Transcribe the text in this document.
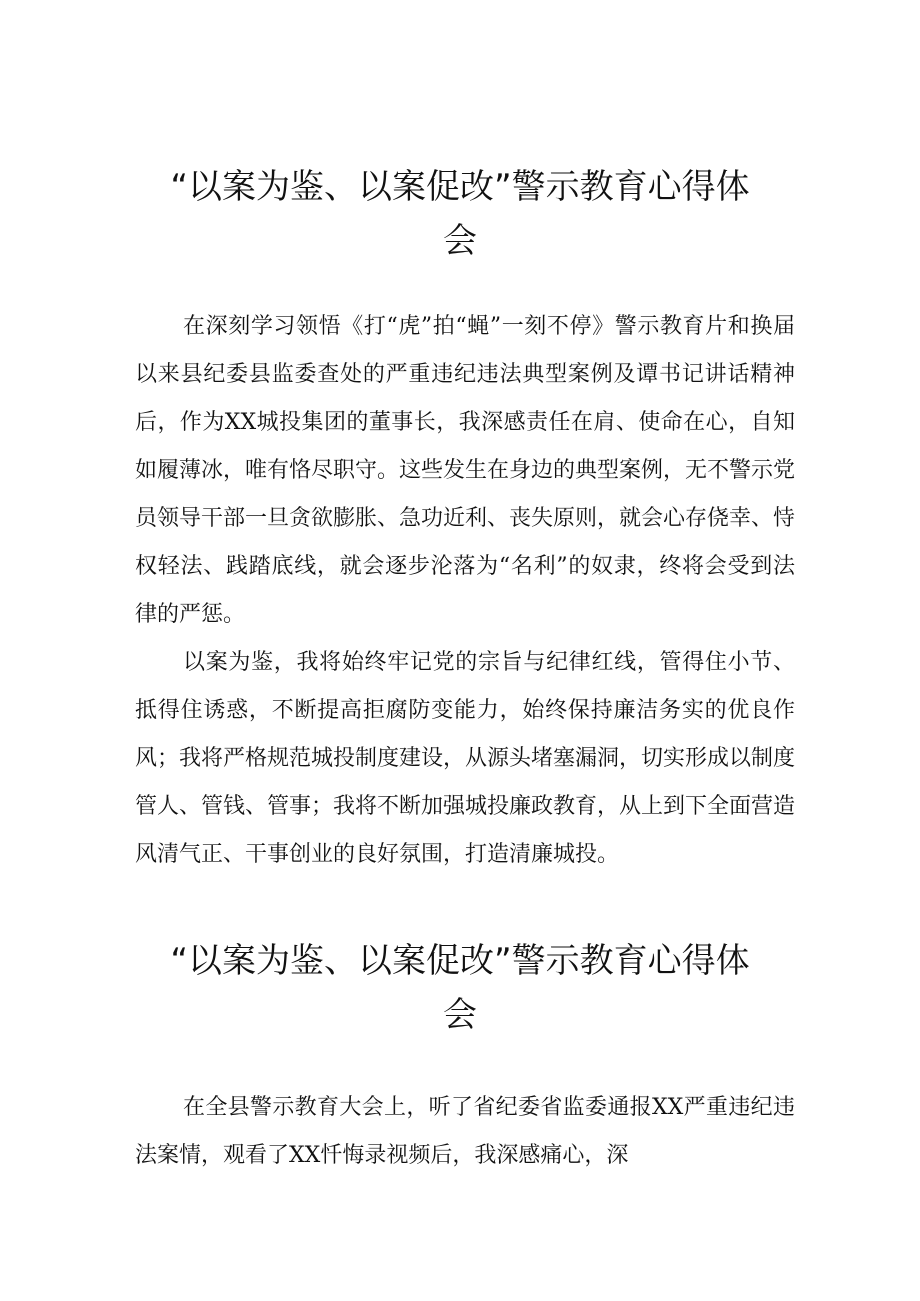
“以案为鉴、以案促改”警示教育心得体
会

在深刻学习领悟《打“虎”拍“蝇”一刻不停》警示教育片和换届以来县纪委县监委查处的严重违纪违法典型案例及谭书记讲话精神后，作为XX城投集团的董事长，我深感责任在肩、使命在心，自知如履薄冰，唯有恪尽职守。这些发生在身边的典型案例，无不警示党员领导干部一旦贪欲膨胀、急功近利、丧失原则，就会心存侥幸、恃权轻法、践踏底线，就会逐步沦落为“名利”的奴隶，终将会受到法律的严惩。

以案为鉴，我将始终牢记党的宗旨与纪律红线，管得住小节、抵得住诱惑，不断提高拒腐防变能力，始终保持廉洁务实的优良作风；我将严格规范城投制度建设，从源头堵塞漏洞，切实形成以制度管人、管钱、管事；我将不断加强城投廉政教育，从上到下全面营造风清气正、干事创业的良好氛围，打造清廉城投。

“以案为鉴、以案促改”警示教育心得体
会

在全县警示教育大会上，听了省纪委省监委通报XX严重违纪违法案情，观看了XX忏悔录视频后，我深感痛心，深
